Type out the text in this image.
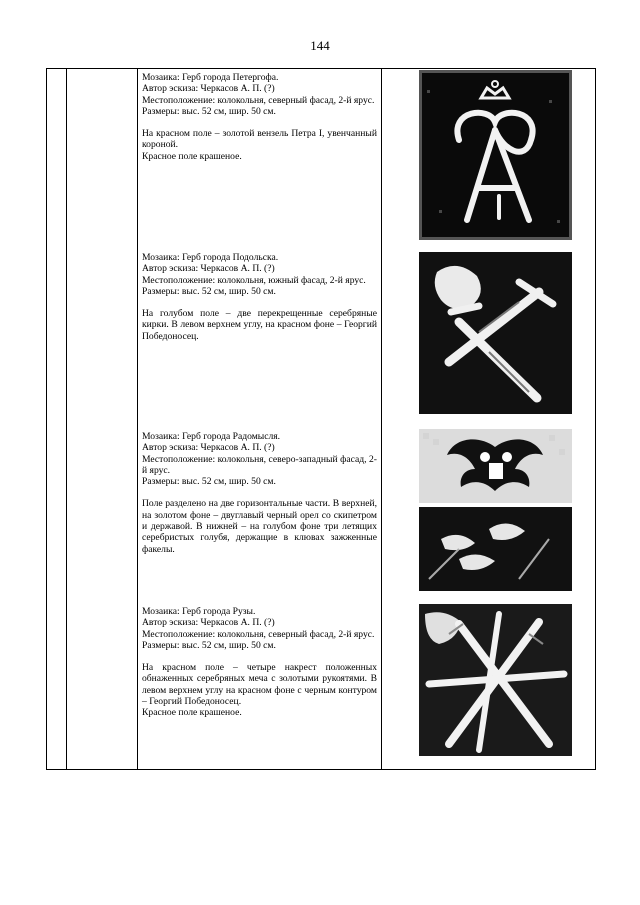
144

Мозаика: Герб города Петергофа.

Автор эскиза: Черкасов А. П. (?)

Местоположение: колокольня, северный фасад, 2-й ярус.

Размеры: выс. 52 см, шир. 50 см.

На красном поле – золотой вензель Петра I, увенчанный короной.

Красное поле крашеное.

Мозаика: Герб города Подольска.

Автор эскиза: Черкасов А. П. (?)

Местоположение: колокольня, южный фасад, 2-й ярус.

Размеры: выс. 52 см, шир. 50 см.

На голубом поле – две перекрещенные серебряные кирки. В левом верхнем углу, на красном фоне – Георгий Победоносец.

Мозаика: Герб города Радомысля.

Автор эскиза: Черкасов А. П. (?)

Местоположение: колокольня, северо-западный фасад, 2-й ярус.

Размеры: выс. 52 см, шир. 50 см.

Поле разделено на две горизонтальные части. В верхней, на золотом фоне – двуглавый черный орел со скипетром и державой. В нижней – на голубом фоне три летящих серебристых голубя, держащие в клювах зажженные факелы.

Мозаика: Герб города Рузы.

Автор эскиза: Черкасов А. П. (?)

Местоположение: колокольня, северный фасад, 2-й ярус.

Размеры: выс. 52 см, шир. 50 см.

На красном поле – четыре накрест положенных обнаженных серебряных меча с золотыми рукоятями. В левом верхнем углу на красном фоне с черным контуром – Георгий Победоносец.

Красное поле крашеное.
